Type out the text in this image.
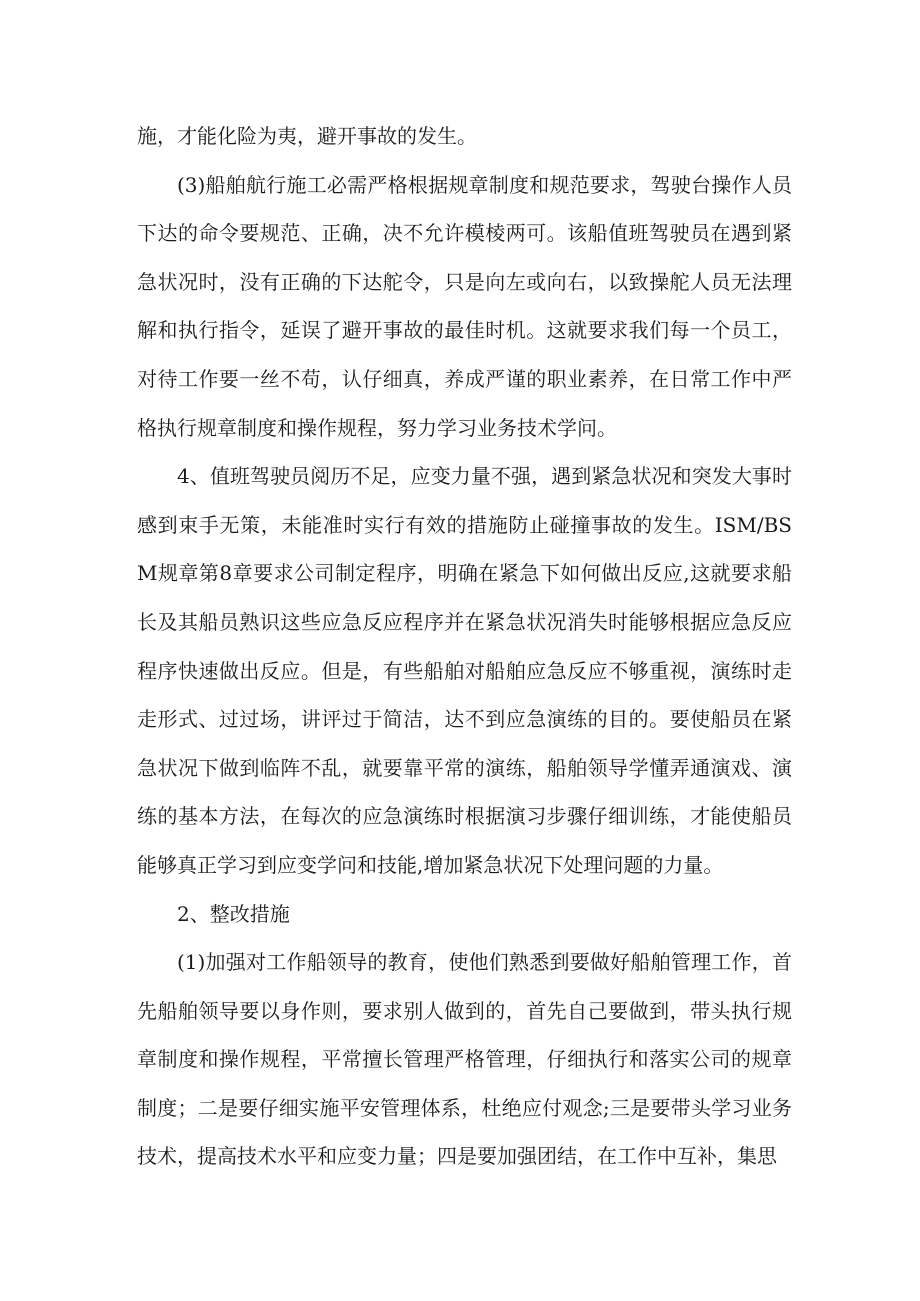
施，才能化险为夷，避开事故的发生。

(3)船舶航行施工必需严格根据规章制度和规范要求，驾驶台操作人员下达的命令要规范、正确，决不允许模棱两可。该船值班驾驶员在遇到紧急状况时，没有正确的下达舵令，只是向左或向右，以致操舵人员无法理解和执行指令，延误了避开事故的最佳时机。这就要求我们每一个员工，对待工作要一丝不苟，认仔细真，养成严谨的职业素养，在日常工作中严格执行规章制度和操作规程，努力学习业务技术学问。

4、值班驾驶员阅历不足，应变力量不强，遇到紧急状况和突发大事时感到束手无策，未能准时实行有效的措施防止碰撞事故的发生。ISM/BSM规章第8章要求公司制定程序，明确在紧急下如何做出反应,这就要求船长及其船员熟识这些应急反应程序并在紧急状况消失时能够根据应急反应程序快速做出反应。但是，有些船舶对船舶应急反应不够重视，演练时走走形式、过过场，讲评过于简洁，达不到应急演练的目的。要使船员在紧急状况下做到临阵不乱，就要靠平常的演练，船舶领导学懂弄通演戏、演练的基本方法，在每次的应急演练时根据演习步骤仔细训练，才能使船员能够真正学习到应变学问和技能,增加紧急状况下处理问题的力量。

2、整改措施

(1)加强对工作船领导的教育，使他们熟悉到要做好船舶管理工作，首先船舶领导要以身作则，要求别人做到的，首先自己要做到，带头执行规章制度和操作规程，平常擅长管理严格管理，仔细执行和落实公司的规章制度；二是要仔细实施平安管理体系，杜绝应付观念;三是要带头学习业务技术，提高技术水平和应变力量；四是要加强团结，在工作中互补，集思
